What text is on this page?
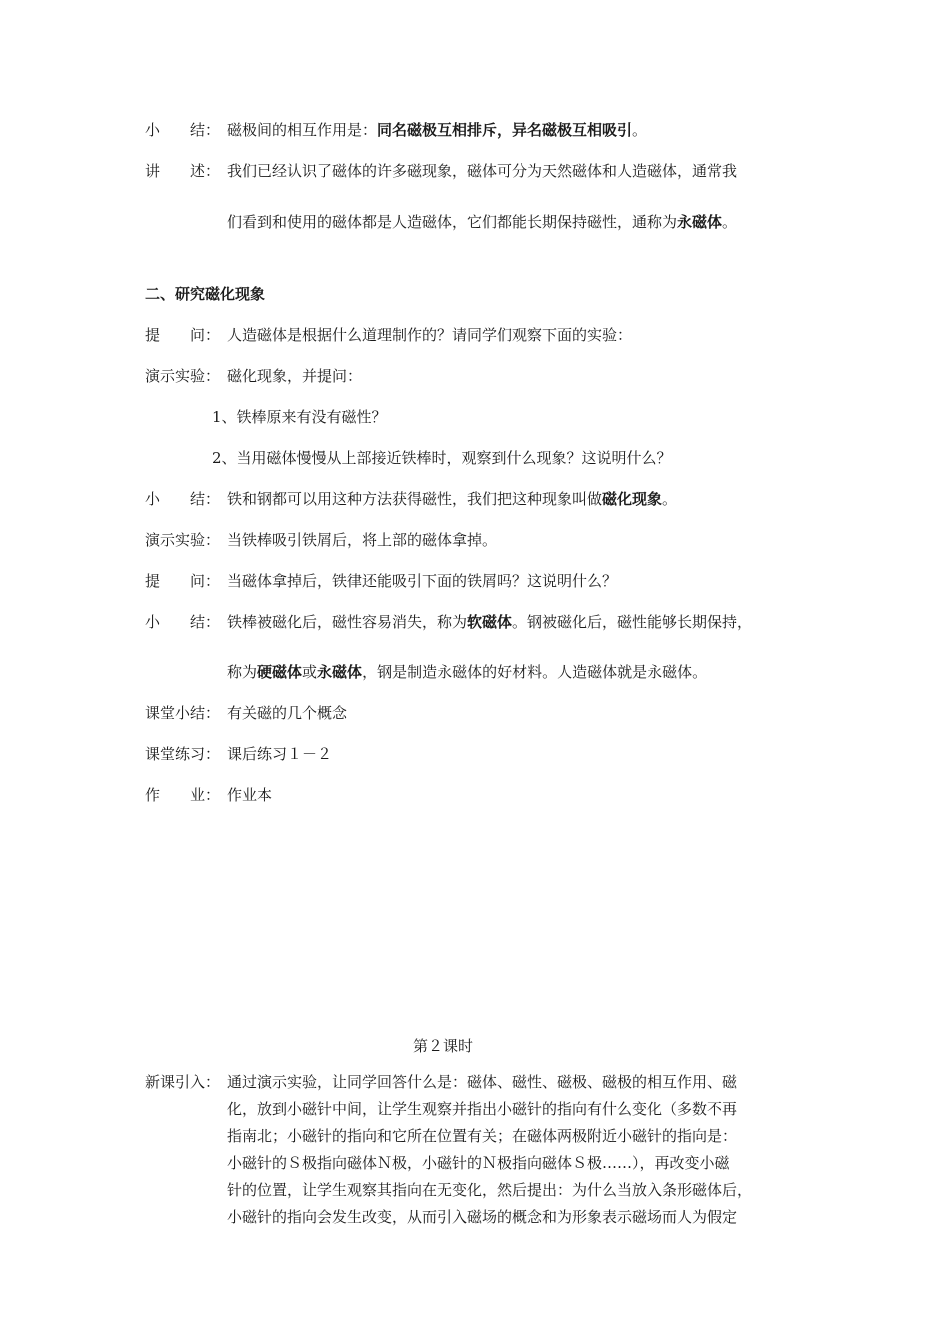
小　　结： 磁极间的相互作用是：同名磁极互相排斥，异名磁极互相吸引。
讲　　述： 我们已经认识了磁体的许多磁现象，磁体可分为天然磁体和人造磁体，通常我
们看到和使用的磁体都是人造磁体，它们都能长期保持磁性，通称为永磁体。
二、研究磁化现象
提　　问： 人造磁体是根据什么道理制作的？请同学们观察下面的实验：
演示实验： 磁化现象，并提问：
1、铁棒原来有没有磁性？
2、当用磁体慢慢从上部接近铁棒时，观察到什么现象？这说明什么？
小　　结： 铁和钢都可以用这种方法获得磁性，我们把这种现象叫做磁化现象。
演示实验： 当铁棒吸引铁屑后，将上部的磁体拿掉。
提　　问： 当磁体拿掉后，铁律还能吸引下面的铁屑吗？这说明什么？
小　　结： 铁棒被磁化后，磁性容易消失，称为软磁体。钢被磁化后，磁性能够长期保持，
称为硬磁体或永磁体，钢是制造永磁体的好材料。人造磁体就是永磁体。
课堂小结： 有关磁的几个概念
课堂练习： 课后练习１－２
作　　业： 作业本
第２课时
新课引入： 通过演示实验，让同学回答什么是：磁体、磁性、磁极、磁极的相互作用、磁
化，放到小磁针中间，让学生观察并指出小磁针的指向有什么变化（多数不再
指南北；小磁针的指向和它所在位置有关；在磁体两极附近小磁针的指向是：
小磁针的Ｓ极指向磁体Ｎ极，小磁针的Ｎ极指向磁体Ｓ极……），再改变小磁
针的位置，让学生观察其指向在无变化，然后提出：为什么当放入条形磁体后，
小磁针的指向会发生改变，从而引入磁场的概念和为形象表示磁场而人为假定
